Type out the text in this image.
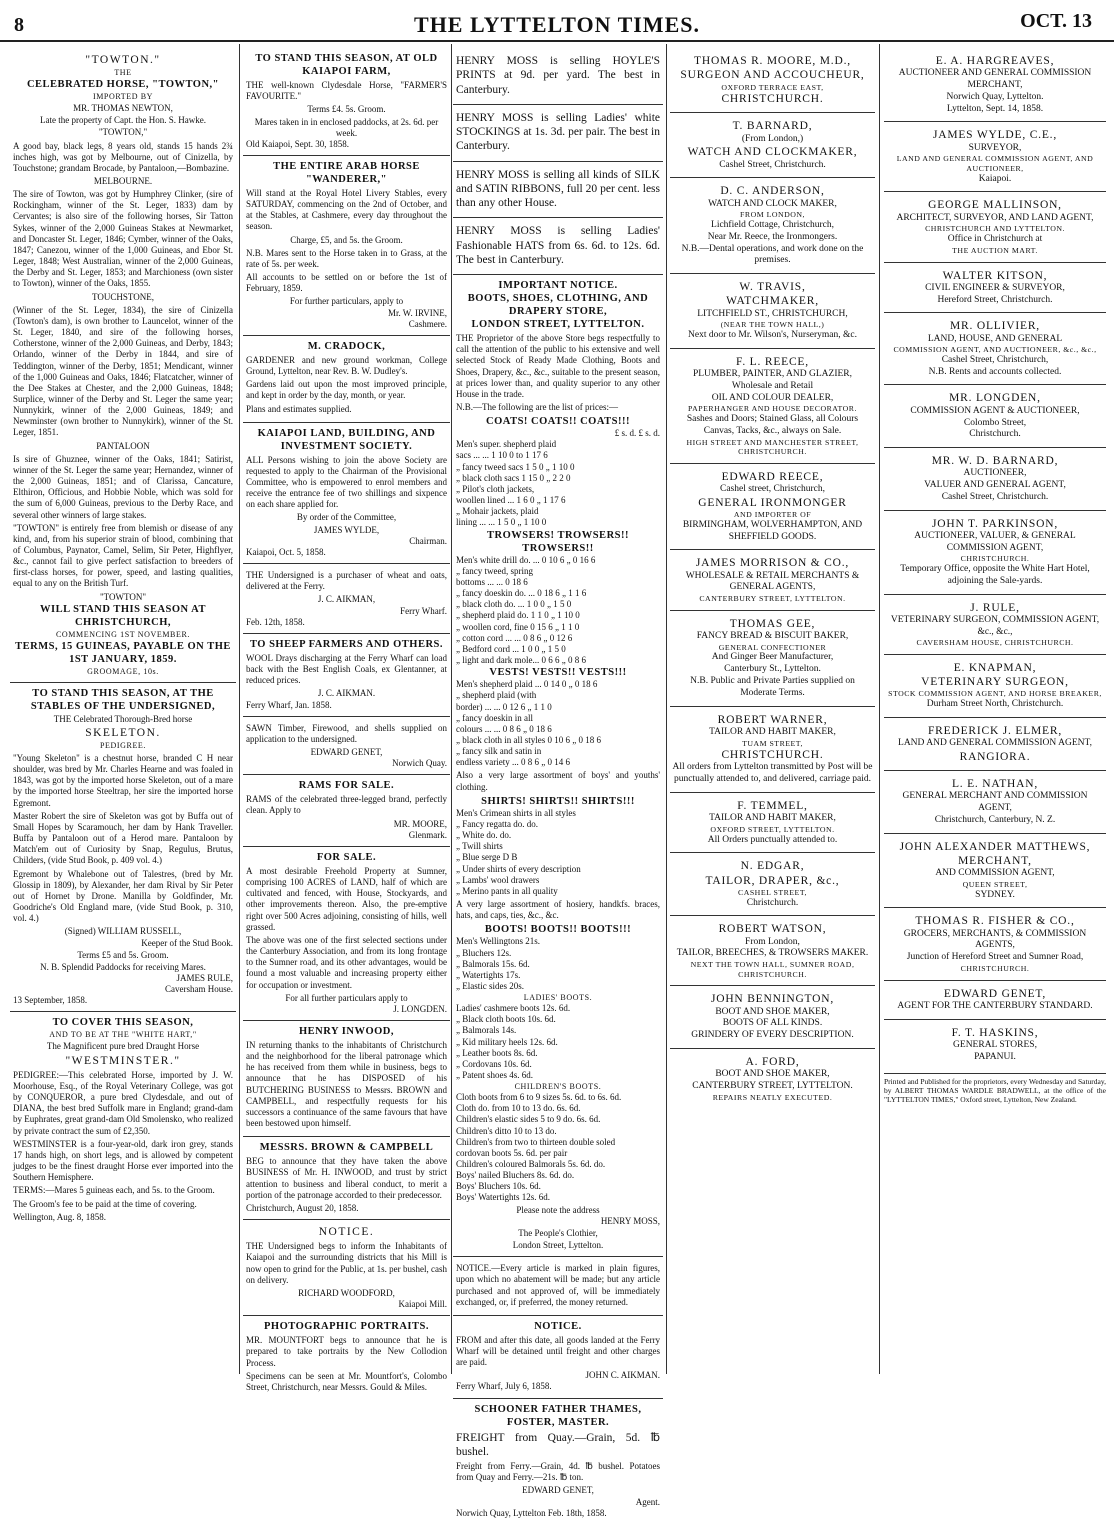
8	THE LYTTELTON TIMES.	OCT. 13
"TOWTON."
THE
CELEBRATED HORSE, "TOWTON,"
IMPORTED BY
MR. THOMAS NEWTON,
Late the property of Capt. the Hon. S. Hawke.
"TOWTON,"

A good bay, black legs, 8 years old, stands 15 hands 2¾ inches high, was got by Melbourne, out of Cinizella, by Touchstone; grandam Brocade, by Pantaloon,—Bombazine.

MELBOURNE.

The sire of Towton, was got by Humphrey Clinker, (sire of Rockingham, winner of the St. Leger, 1833) dam by Cervantes; is also sire of the following horses, Sir Tatton Sykes, winner of the 2,000 Guineas Stakes at Newmarket, and Doncaster St. Leger, 1846; Cymber, winner of the Oaks, 1847; Canezou, winner of the 1,000 Guineas, and Ebor St. Leger, 1848; West Australian, winner of the 2,000 Guineas, the Derby and St. Leger, 1853; and Marchioness (own sister to Towton), winner of the Oaks, 1855.

TOUCHSTONE,

(Winner of the St. Leger, 1834), the sire of Cinizella (Towton's dam), is own brother to Launcelot, winner of the St. Leger, 1840, and sire of the following horses, Cotherstone, winner of the 2,000 Guineas, and Derby, 1843; Orlando, winner of the Derby in 1844, and sire of Teddington, winner of the Derby, 1851; Mendicant, winner of the 1,000 Guineas and Oaks, 1846; Flatcatcher, winner of the Dee Stakes at Chester, and the 2,000 Guineas, 1848; Surplice, winner of the Derby and St. Leger the same year; Nunnykirk, winner of the 2,000 Guineas, 1849; and Newminster (own brother to Nunnykirk), winner of the St. Leger, 1851.

PANTALOON

Is sire of Ghuznee, winner of the Oaks, 1841; Satirist, winner of the St. Leger the same year; Hernandez, winner of the 2,000 Guineas, 1851; and of Clarissa, Cancature, Elthiron, Officious, and Hobbie Noble, which was sold for the sum of 6,000 Guineas, previous to the Derby Race, and several other winners of large stakes.

"TOWTON" is entirely free from blemish or disease of any kind, and, from his superior strain of blood, combining that of Columbus, Paynator, Camel, Selim, Sir Peter, Highflyer, &c., cannot fail to give perfect satisfaction to breeders of first-class horses, for power, speed, and lasting qualities, equal to any on the British Turf.

"TOWTON"
WILL STAND THIS SEASON AT CHRISTCHURCH,
COMMENCING 1ST NOVEMBER.
TERMS, 15 GUINEAS, PAYABLE ON THE 1ST JANUARY, 1859.
GROOMAGE, 10s.
TO STAND THIS SEASON, AT THE STABLES OF THE UNDERSIGNED,
THE Celebrated Thorough-Bred horse
SKELETON.
PEDIGREE.

"Young Skeleton" is a chestnut horse, branded C H near shoulder, was bred by Mr. Charles Hearne and was foaled in 1843, was got by the imported horse Skeleton, out of a mare by the imported horse Steeltrap, her sire the imported horse Egremont.

Master Robert the sire of Skeleton was got by Buffa out of Small Hopes by Scaramouch, her dam by Hank Traveller. Buffa by Pantaloon out of a Herod mare. Pantaloon by Match'em out of Curiosity by Snap, Regulus, Brutus, Childers, (vide Stud Book, p. 409 vol. 4.)

Egremont by Whalebone out of Talestres, (bred by Mr. Glossip in 1809), by Alexander, her dam Rival by Sir Peter out of Hornet by Drone. Manilla by Goldfinder, Mr. Goodriche's Old England mare, (vide Stud Book, p. 310, vol. 4.)

(Signed) WILLIAM RUSSELL,
Keeper of the Stud Book.
Terms £5 and 5s. Groom.
N. B. Splendid Paddocks for receiving Mares.
JAMES RULE,
Caversham House.
13 September, 1858.
TO COVER THIS SEASON,
AND TO BE AT THE "WHITE HART,"
The Magnificent pure bred Draught Horse
"WESTMINSTER."

PEDIGREE:—This celebrated Horse, imported by J. W. Moorhouse, Esq., of the Royal Veterinary College, was got by CONQUEROR, a pure bred Clydesdale, and out of DIANA, the best bred Suffolk mare in England; grand-dam by Euphrates, great grand-dam Old Smolensko, who realized by private contract the sum of £2,350.

WESTMINSTER is a four-year-old, dark iron grey, stands 17 hands high, on short legs, and is allowed by competent judges to be the finest draught Horse ever imported into the Southern Hemisphere.

TERMS:—Mares 5 guineas each, and 5s. to the Groom.

The Groom's fee to be paid at the time of covering.

Wellington, Aug. 8, 1858.
TO STAND THIS SEASON, AT OLD KAIAPOI FARM,

THE well-known Clydesdale Horse, "FARMER'S FAVOURITE."

Terms £4. 5s. Groom.
Mares taken in in enclosed paddocks, at 2s. 6d. per week.
Old Kaiapoi, Sept. 30, 1858.
THE ENTIRE ARAB HORSE "WANDERER,"

Will stand at the Royal Hotel Livery Stables, every SATURDAY, commencing on the 2nd of October, and at the Stables, at Cashmere, every day throughout the season.

Charge, £5, and 5s. the Groom.

N.B. Mares sent to the Horse taken in to Grass, at the rate of 5s. per week.

All accounts to be settled on or before the 1st of February, 1859.

For further particulars, apply to
Mr. W. IRVINE,
Cashmere.
M. CRADOCK,

GARDENER and new ground workman, College Ground, Lyttelton, near Rev. B. W. Dudley's.

Gardens laid out upon the most improved principle, and kept in order by the day, month, or year.

Plans and estimates supplied.

KAIAPOI LAND, BUILDING, AND INVESTMENT SOCIETY.

ALL Persons wishing to join the above Society are requested to apply to the Chairman of the Provisional Committee, who is empowered to enrol members and receive the entrance fee of two shillings and sixpence on each share applied for.

By order of the Committee,
JAMES WYLDE,
Chairman.
Kaiapoi, Oct. 5, 1858.

THE Undersigned is a purchaser of wheat and oats, delivered at the Ferry.

J. C. AIKMAN,
Ferry Wharf.
Feb. 12th, 1858.
TO SHEEP FARMERS AND OTHERS.

WOOL Drays discharging at the Ferry Wharf can load back with the Best English Coals, ex Glentanner, at reduced prices.

J. C. AIKMAN.
Ferry Wharf, Jan. 1858.

SAWN Timber, Firewood, and shells supplied on application to the undersigned.

EDWARD GENET,
Norwich Quay.
RAMS FOR SALE.

RAMS of the celebrated three-legged brand, perfectly clean. Apply to

MR. MOORE,
Glenmark.
FOR SALE.

A most desirable Freehold Property at Sumner, comprising 100 ACRES of LAND, half of which are cultivated and fenced, with House, Stockyards, and other improvements thereon. Also, the pre-emptive right over 500 Acres adjoining, consisting of hills, well grassed.

The above was one of the first selected sections under the Canterbury Association, and from its long frontage to the Sumner road, and its other advantages, would be found a most valuable and increasing property either for occupation or investment.

For all further particulars apply to
J. LONGDEN.
HENRY INWOOD,

IN returning thanks to the inhabitants of Christchurch and the neighborhood for the liberal patronage which he has received from them while in business, begs to announce that he has DISPOSED of his BUTCHERING BUSINESS to Messrs. BROWN and CAMPBELL, and respectfully requests for his successors a continuance of the same favours that have been bestowed upon himself.

MESSRS. BROWN & CAMPBELL

BEG to announce that they have taken the above BUSINESS of Mr. H. INWOOD, and trust by strict attention to business and liberal conduct, to merit a portion of the patronage accorded to their predecessor.

Christchurch, August 20, 1858.
NOTICE.

THE Undersigned begs to inform the Inhabitants of Kaiapoi and the surrounding districts that his Mill is now open to grind for the Public, at 1s. per bushel, cash on delivery.

RICHARD WOODFORD,
Kaiapoi Mill.
PHOTOGRAPHIC PORTRAITS.

MR. MOUNTFORT begs to announce that he is prepared to take portraits by the New Collodion Process.

Specimens can be seen at Mr. Mountfort's, Colombo Street, Christchurch, near Messrs. Gould & Miles.

HENRY MOSS is selling HOYLE'S PRINTS at 9d. per yard. The best in Canterbury.

HENRY MOSS is selling Ladies' white STOCKINGS at 1s. 3d. per pair. The best in Canterbury.

HENRY MOSS is selling all kinds of SILK and SATIN RIBBONS, full 20 per cent. less than any other House.

HENRY MOSS is selling Ladies' Fashionable HATS from 6s. 6d. to 12s. 6d. The best in Canterbury.

IMPORTANT NOTICE.
BOOTS, SHOES, CLOTHING, AND DRAPERY STORE,
LONDON STREET, LYTTELTON.

THE Proprietor of the above Store begs respectfully to call the attention of the public to his extensive and well selected Stock of Ready Made Clothing, Boots and Shoes, Drapery, &c., &c., suitable to the present season, at prices lower than, and quality superior to any other House in the trade.

N.B.—The following are the list of prices:—

COATS! COATS!! COATS!!!
£ s. d. £ s. d.
Men's super. shepherd plaid
sacs ... ... 1 10 0 to 1 17 6
„ fancy tweed sacs 1 5 0 „ 1 10 0
„ black cloth sacs 1 15 0 „ 2 2 0
„ Pilot's cloth jackets,
woollen lined ... 1 6 0 „ 1 17 6
„ Mohair jackets, plaid
lining ... ... 1 5 0 „ 1 10 0
TROWSERS! TROWSERS!! TROWSERS!!
Men's white drill do. ... 0 10 6 „ 0 16 6
„ fancy tweed, spring
bottoms ... ... 0 18 6
„ fancy doeskin do. ... 0 18 6 „ 1 1 6
„ black cloth do. ... 1 0 0 „ 1 5 0
„ shepherd plaid do. 1 1 0 „ 1 10 0
„ woollen cord, fine 0 15 6 „ 1 1 0
„ cotton cord ... ... 0 8 6 „ 0 12 6
„ Bedford cord ... 1 0 0 „ 1 5 0
„ light and dark mole... 0 6 6 „ 0 8 6
VESTS! VESTS!! VESTS!!!
Men's shepherd plaid ... 0 14 0 „ 0 18 6
„ shepherd plaid (with
border) ... ... 0 12 6 „ 1 1 0
„ fancy doeskin in all
colours ... ... 0 8 6 „ 0 18 6
„ black cloth in all styles 0 10 6 „ 0 18 6
„ fancy silk and satin in
endless variety ... 0 8 6 „ 0 14 6

Also a very large assortment of boys' and youths' clothing.

SHIRTS! SHIRTS!! SHIRTS!!!
Men's Crimean shirts in all styles
„ Fancy regatta do. do.
„ White do. do.
„ Twill shirts
„ Blue serge D B
„ Under shirts of every description
„ Lambs' wool drawers
„ Merino pants in all quality

A very large assortment of hosiery, handkfs. braces, hats, and caps, ties, &c., &c.

BOOTS! BOOTS!! BOOTS!!!
Men's Wellingtons 21s.
„ Bluchers 12s.
„ Balmorals 15s. 6d.
„ Watertights 17s.
„ Elastic sides 20s.
LADIES' BOOTS.
Ladies' cashmere boots 12s. 6d.
„ Black cloth boots 10s. 6d.
„ Balmorals 14s.
„ Kid military heels 12s. 6d.
„ Leather boots 8s. 6d.
„ Cordovans 10s. 6d.
„ Patent shoes 4s. 6d.
CHILDREN'S BOOTS.
Cloth boots from 6 to 9 sizes 5s. 6d. to 6s. 6d.
Cloth do. from 10 to 13 do. 6s. 6d.
Children's elastic sides 5 to 9 do. 6s. 6d.
Children's ditto 10 to 13 do.
Children's from two to thirteen double soled
cordovan boots 5s. 6d. per pair
Children's coloured Balmorals 5s. 6d. do.
Boys' nailed Bluchers 8s. 6d. do.
Boys' Bluchers 10s. 6d.
Boys' Watertights 12s. 6d.
Please note the address
HENRY MOSS,
The People's Clothier,
London Street, Lyttelton.

NOTICE.—Every article is marked in plain figures, upon which no abatement will be made; but any article purchased and not approved of, will be immediately exchanged, or, if preferred, the money returned.

NOTICE.

FROM and after this date, all goods landed at the Ferry Wharf will be detained until freight and other charges are paid.

JOHN C. AIKMAN.
Ferry Wharf, July 6, 1858.
SCHOONER FATHER THAMES,
FOSTER, MASTER.

FREIGHT from Quay.—Grain, 5d. ℔ bushel.

Freight from Ferry.—Grain, 4d. ℔ bushel. Potatoes from Quay and Ferry.—21s. ℔ ton.

EDWARD GENET,
Agent.
Norwich Quay, Lyttelton Feb. 18th, 1858.
THOMAS R. MOORE, M.D.,
SURGEON AND ACCOUCHEUR,
OXFORD TERRACE EAST,
CHRISTCHURCH.
T. BARNARD,
(From London,)
WATCH AND CLOCKMAKER,
Cashel Street, Christchurch.
D. C. ANDERSON,
WATCH AND CLOCK MAKER,
FROM LONDON,
Lichfield Cottage, Christchurch,
Near Mr. Reece, the Ironmongers.
N.B.—Dental operations, and work done on the premises.
W. TRAVIS,
WATCHMAKER,
LITCHFIELD ST., CHRISTCHURCH,
(NEAR THE TOWN HALL,)
Next door to Mr. Wilson's, Nurseryman, &c.
F. L. REECE,
PLUMBER, PAINTER, AND GLAZIER,
Wholesale and Retail
OIL AND COLOUR DEALER,
PAPERHANGER AND HOUSE DECORATOR.
Sashes and Doors; Stained Glass, all Colours Canvas, Tacks, &c., always on Sale.
HIGH STREET AND MANCHESTER STREET, CHRISTCHURCH.
EDWARD REECE,
Cashel street, Christchurch,
GENERAL IRONMONGER
AND IMPORTER OF
BIRMINGHAM, WOLVERHAMPTON, AND SHEFFIELD GOODS.
JAMES MORRISON & CO.,
WHOLESALE & RETAIL MERCHANTS & GENERAL AGENTS,
CANTERBURY STREET, LYTTELTON.
THOMAS GEE,
FANCY BREAD & BISCUIT BAKER,
GENERAL CONFECTIONER
And Ginger Beer Manufacturer,
Canterbury St., Lyttelton.
N.B. Public and Private Parties supplied on Moderate Terms.
ROBERT WARNER,
TAILOR AND HABIT MAKER,
TUAM STREET,
CHRISTCHURCH.
All orders from Lyttelton transmitted by Post will be punctually attended to, and delivered, carriage paid.
F. TEMMEL,
TAILOR AND HABIT MAKER,
OXFORD STREET, LYTTELTON.
All Orders punctually attended to.
N. EDGAR,
TAILOR, DRAPER, &c.,
CASHEL STREET,
Christchurch.
ROBERT WATSON,
From London,
TAILOR, BREECHES, & TROWSERS MAKER.
NEXT THE TOWN HALL, SUMNER ROAD, CHRISTCHURCH.
JOHN BENNINGTON,
BOOT AND SHOE MAKER,
BOOTS OF ALL KINDS.
GRINDERY OF EVERY DESCRIPTION.
A. FORD,
BOOT AND SHOE MAKER,
CANTERBURY STREET, LYTTELTON.
REPAIRS NEATLY EXECUTED.
E. A. HARGREAVES,
AUCTIONEER AND GENERAL COMMISSION MERCHANT,
Norwich Quay, Lyttelton.
Lyttelton, Sept. 14, 1858.
JAMES WYLDE, C.E.,
SURVEYOR,
LAND AND GENERAL COMMISSION AGENT, AND AUCTIONEER,
Kaiapoi.
GEORGE MALLINSON,
ARCHITECT, SURVEYOR, AND LAND AGENT,
CHRISTCHURCH AND LYTTELTON.
Office in Christchurch at
THE AUCTION MART.
WALTER KITSON,
CIVIL ENGINEER & SURVEYOR,
Hereford Street, Christchurch.
MR. OLLIVIER,
LAND, HOUSE, AND GENERAL
COMMISSION AGENT, AND AUCTIONEER, &c., &c.,
Cashel Street, Christchurch,
N.B. Rents and accounts collected.
MR. LONGDEN,
COMMISSION AGENT & AUCTIONEER,
Colombo Street,
Christchurch.
MR. W. D. BARNARD,
AUCTIONEER,
VALUER AND GENERAL AGENT,
Cashel Street, Christchurch.
JOHN T. PARKINSON,
AUCTIONEER, VALUER, & GENERAL COMMISSION AGENT,
CHRISTCHURCH.
Temporary Office, opposite the White Hart Hotel, adjoining the Sale-yards.
J. RULE,
VETERINARY SURGEON, COMMISSION AGENT, &c., &c.,
CAVERSHAM HOUSE, CHRISTCHURCH.
E. KNAPMAN,
VETERINARY SURGEON,
STOCK COMMISSION AGENT, AND HORSE BREAKER,
Durham Street North, Christchurch.
FREDERICK J. ELMER,
LAND AND GENERAL COMMISSION AGENT,
RANGIORA.
L. E. NATHAN,
GENERAL MERCHANT AND COMMISSION AGENT,
Christchurch, Canterbury, N. Z.
JOHN ALEXANDER MATTHEWS,
MERCHANT,
AND COMMISSION AGENT,
QUEEN STREET,
SYDNEY.
THOMAS R. FISHER & CO.,
GROCERS, MERCHANTS, & COMMISSION AGENTS,
Junction of Hereford Street and Sumner Road,
CHRISTCHURCH.
EDWARD GENET,
AGENT FOR THE CANTERBURY STANDARD.
F. T. HASKINS,
GENERAL STORES,
PAPANUI.

Printed and Published for the proprietors, every Wednesday and Saturday, by ALBERT THOMAS WARDLE BRADWELL, at the office of the "LYTTELTON TIMES," Oxford street, Lyttelton, New Zealand.
